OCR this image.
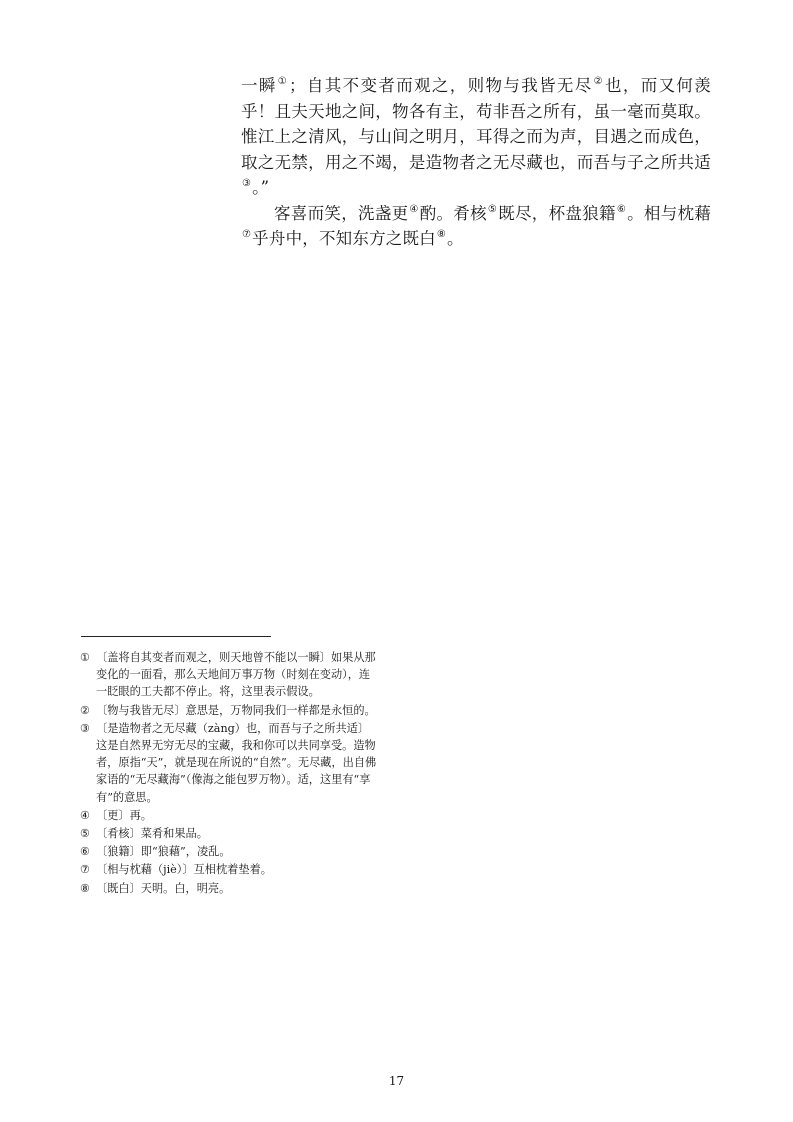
一瞬①；自其不变者而观之，则物与我皆无尽②也，而又何羡乎！且夫天地之间，物各有主，苟非吾之所有，虽一毫而莫取。惟江上之清风，与山间之明月，耳得之而为声，目遇之而成色，取之无禁，用之不竭，是造物者之无尽藏也，而吾与子之所共适③。”

客喜而笑，洗盏更④酌。肴核⑤既尽，杯盘狼籍⑥。相与枕藉⑦乎舟中，不知东方之既白⑧。

① 〔盖将自其变者而观之，则天地曾不能以一瞬〕如果从那变化的一面看，那么天地间万事万物（时刻在变动），连一眨眼的工夫都不停止。将，这里表示假设。
② 〔物与我皆无尽〕意思是，万物同我们一样都是永恒的。
③ 〔是造物者之无尽藏（zàng）也，而吾与子之所共适〕这是自然界无穷无尽的宝藏，我和你可以共同享受。造物者，原指“天”，就是现在所说的“自然”。无尽藏，出自佛家语的“无尽藏海”（像海之能包罗万物）。适，这里有“享有”的意思。
④ 〔更〕再。
⑤ 〔肴核〕菜肴和果品。
⑥ 〔狼籍〕即“狼藉”，凌乱。
⑦ 〔相与枕藉（jiè）〕互相枕着垫着。
⑧ 〔既白〕天明。白，明亮。
17
